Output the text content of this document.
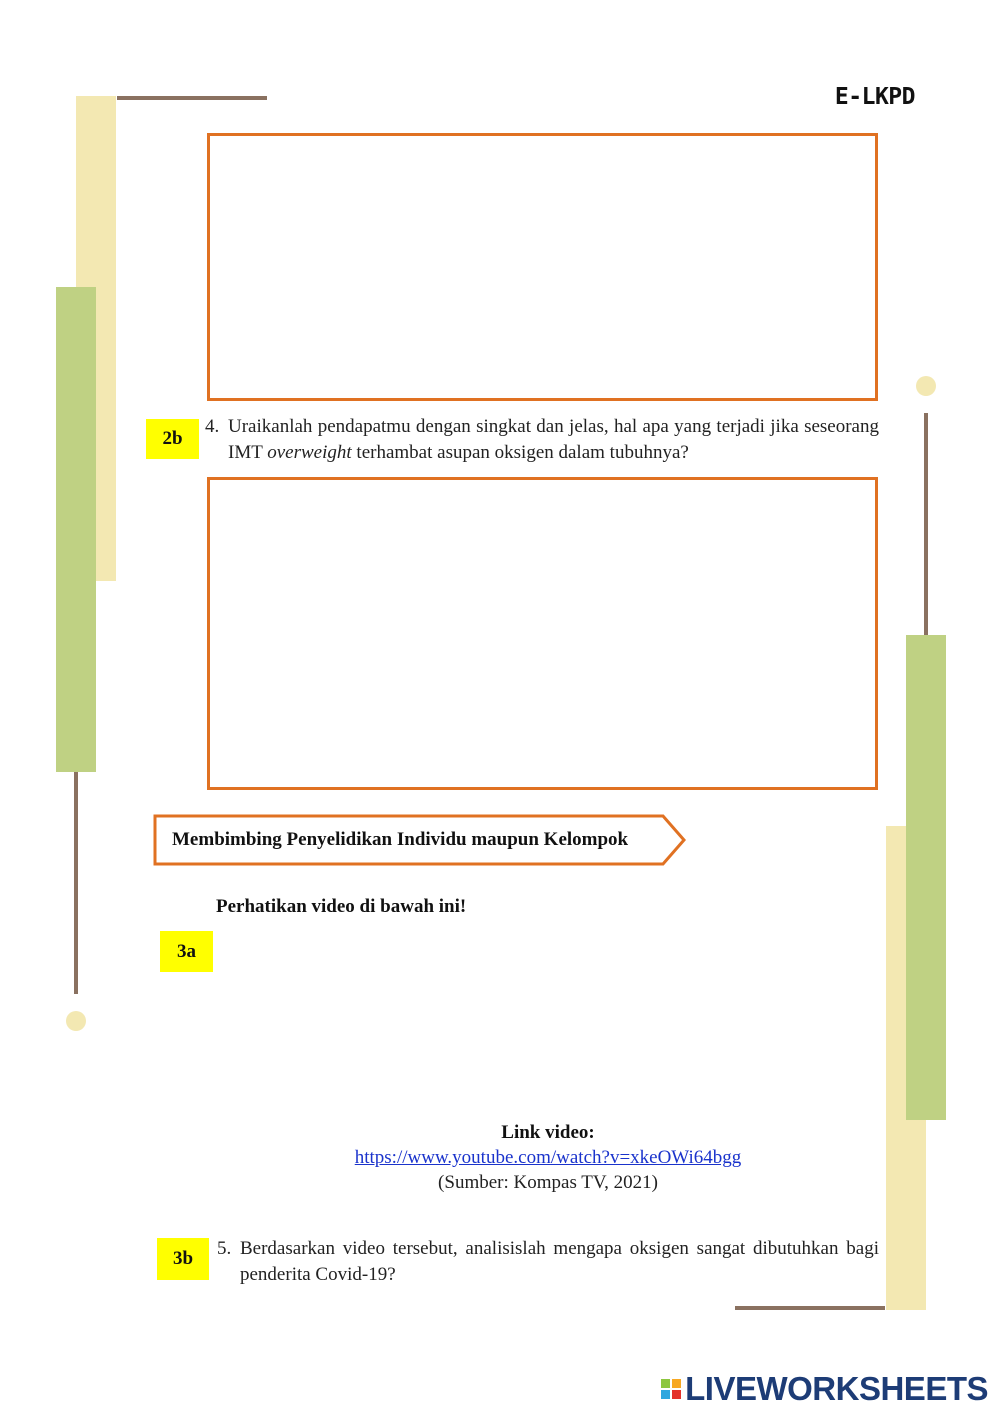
E-LKPD
2b
4. Uraikanlah pendapatmu dengan singkat dan jelas, hal apa yang terjadi jika seseorang IMT overweight terhambat asupan oksigen dalam tubuhnya?
Membimbing Penyelidikan Individu maupun Kelompok
Perhatikan video di bawah ini!
3a
Link video:
https://www.youtube.com/watch?v=xkeOWi64bgg
(Sumber: Kompas TV, 2021)
3b	5. Berdasarkan video tersebut, analisislah mengapa oksigen sangat dibutuhkan bagi penderita Covid-19?
LIVEWORKSHEETS
